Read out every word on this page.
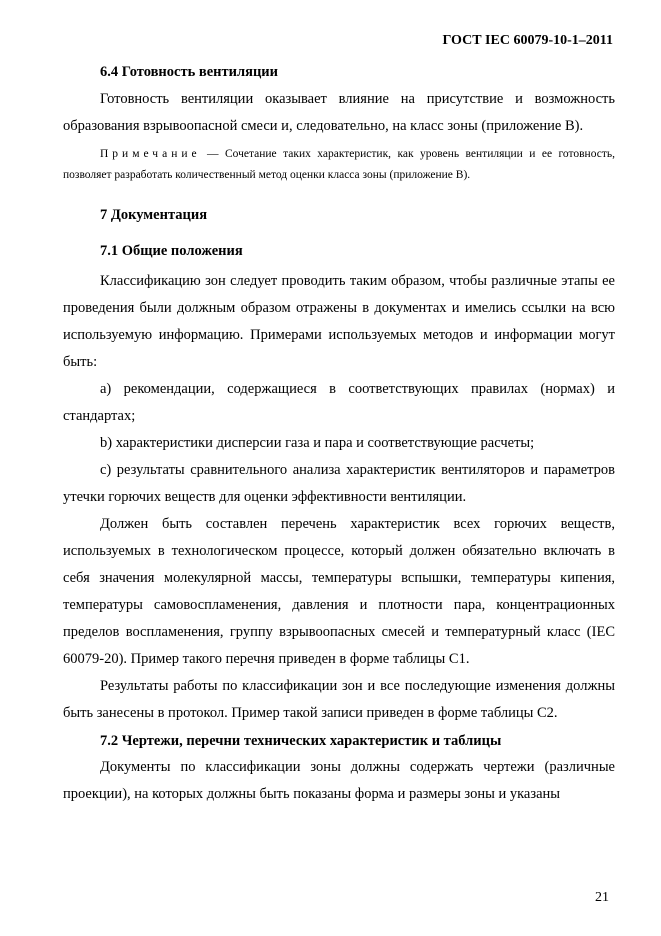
ГОСТ IEC 60079-10-1–2011
6.4 Готовность вентиляции

Готовность вентиляции оказывает влияние на присутствие и возможность образования взрывоопасной смеси и, следовательно, на класс зоны (приложение В).

Примечание — Сочетание таких характеристик, как уровень вентиляции и ее готовность, позволяет разработать количественный метод оценки класса зоны (приложение В).
7 Документация
7.1 Общие положения

Классификацию зон следует проводить таким образом, чтобы различные этапы ее проведения были должным образом отражены в документах и имелись ссылки на всю используемую информацию. Примерами используемых методов и информации могут быть:

а) рекомендации, содержащиеся в соответствующих правилах (нормах) и стандартах;

b) характеристики дисперсии газа и пара и соответствующие расчеты;

с) результаты сравнительного анализа характеристик вентиляторов и параметров утечки горючих веществ для оценки эффективности вентиляции.

Должен быть составлен перечень характеристик всех горючих веществ, используемых в технологическом процессе, который должен обязательно включать в себя значения молекулярной массы, температуры вспышки, температуры кипения, температуры самовоспламенения, давления и плотности пара, концентрационных пределов воспламенения, группу взрывоопасных смесей и температурный класс (IEC 60079-20). Пример такого перечня приведен в форме таблицы С1.

Результаты работы по классификации зон и все последующие изменения должны быть занесены в протокол. Пример такой записи приведен в форме таблицы С2.

7.2 Чертежи, перечни технических характеристик и таблицы

Документы по классификации зоны должны содержать чертежи (различные проекции), на которых должны быть показаны форма и размеры зоны и указаны

21
